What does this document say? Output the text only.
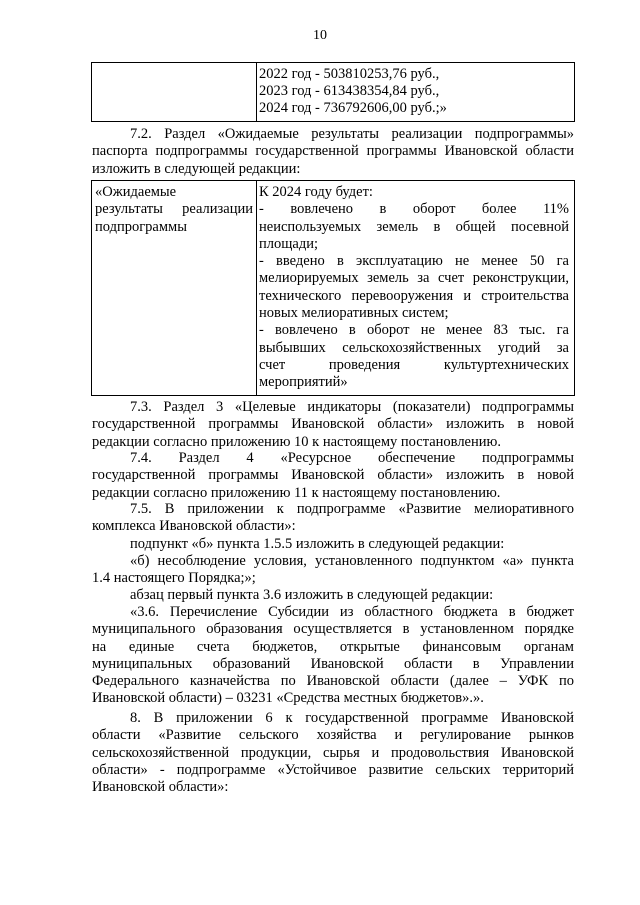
10
2022 год - 503810253,76 руб.,
2023 год - 613438354,84 руб.,
2024 год - 736792606,00 руб.;»
7.2. Раздел «Ожидаемые результаты реализации подпрограммы»
паспорта подпрограммы государственной программы Ивановской области
изложить в следующей редакции:
«Ожидаемые
результаты реализации
подпрограммы
К 2024 году будет:
- вовлечено в оборот более 11%
неиспользуемых земель в общей посевной
площади;
- введено в эксплуатацию не менее 50 га
мелиорируемых земель за счет реконструкции,
технического перевооружения и строительства
новых мелиоративных систем;
- вовлечено в оборот не менее 83 тыс. га
выбывших сельскохозяйственных угодий за
счет проведения культуртехнических
мероприятий»
7.3. Раздел 3 «Целевые индикаторы (показатели) подпрограммы
государственной программы Ивановской области» изложить в новой
редакции согласно приложению 10 к настоящему постановлению.
7.4. Раздел 4 «Ресурсное обеспечение подпрограммы
государственной программы Ивановской области» изложить в новой
редакции согласно приложению 11 к настоящему постановлению.
7.5. В приложении к подпрограмме «Развитие мелиоративного
комплекса Ивановской области»:
подпункт «б» пункта 1.5.5 изложить в следующей редакции:
«б) несоблюдение условия, установленного подпунктом «а» пункта
1.4 настоящего Порядка;»;
абзац первый пункта 3.6 изложить в следующей редакции:
«3.6. Перечисление Субсидии из областного бюджета в бюджет
муниципального образования осуществляется в установленном порядке
на единые счета бюджетов, открытые финансовым органам
муниципальных образований Ивановской области в Управлении
Федерального казначейства по Ивановской области (далее – УФК по
Ивановской области) – 03231 «Средства местных бюджетов».».
8. В приложении 6 к государственной программе Ивановской
области «Развитие сельского хозяйства и регулирование рынков
сельскохозяйственной продукции, сырья и продовольствия Ивановской
области» - подпрограмме «Устойчивое развитие сельских территорий
Ивановской области»:
